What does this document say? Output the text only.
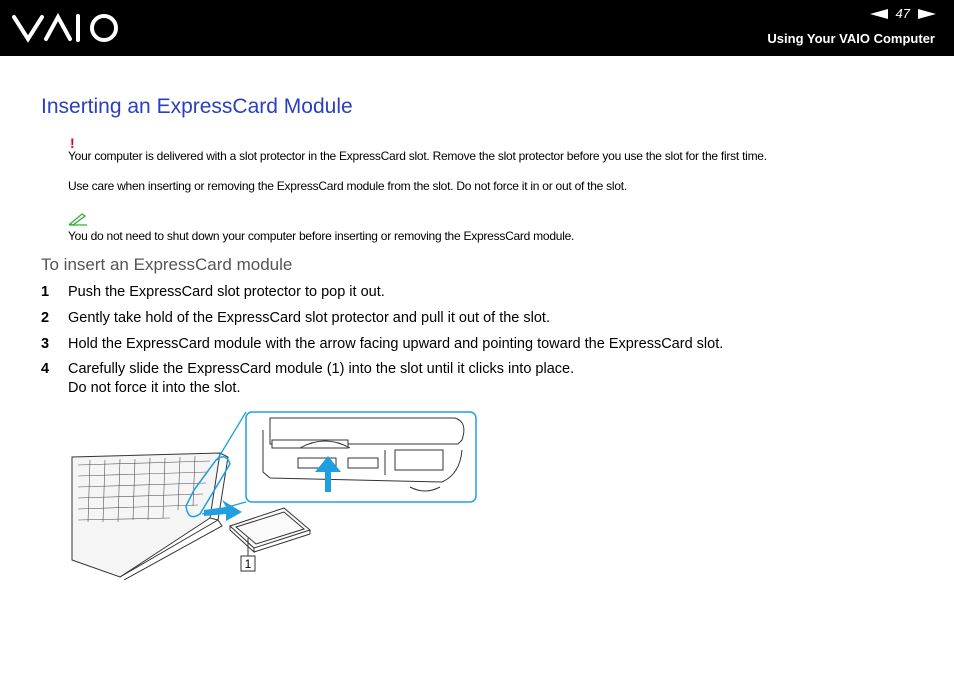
47
Using Your VAIO Computer
Inserting an ExpressCard Module
!
Your computer is delivered with a slot protector in the ExpressCard slot. Remove the slot protector before you use the slot for the first time.
Use care when inserting or removing the ExpressCard module from the slot. Do not force it in or out of the slot.
You do not need to shut down your computer before inserting or removing the ExpressCard module.
To insert an ExpressCard module
1 Push the ExpressCard slot protector to pop it out.
2 Gently take hold of the ExpressCard slot protector and pull it out of the slot.
3 Hold the ExpressCard module with the arrow facing upward and pointing toward the ExpressCard slot.
4 Carefully slide the ExpressCard module (1) into the slot until it clicks into place.
Do not force it into the slot.
1
